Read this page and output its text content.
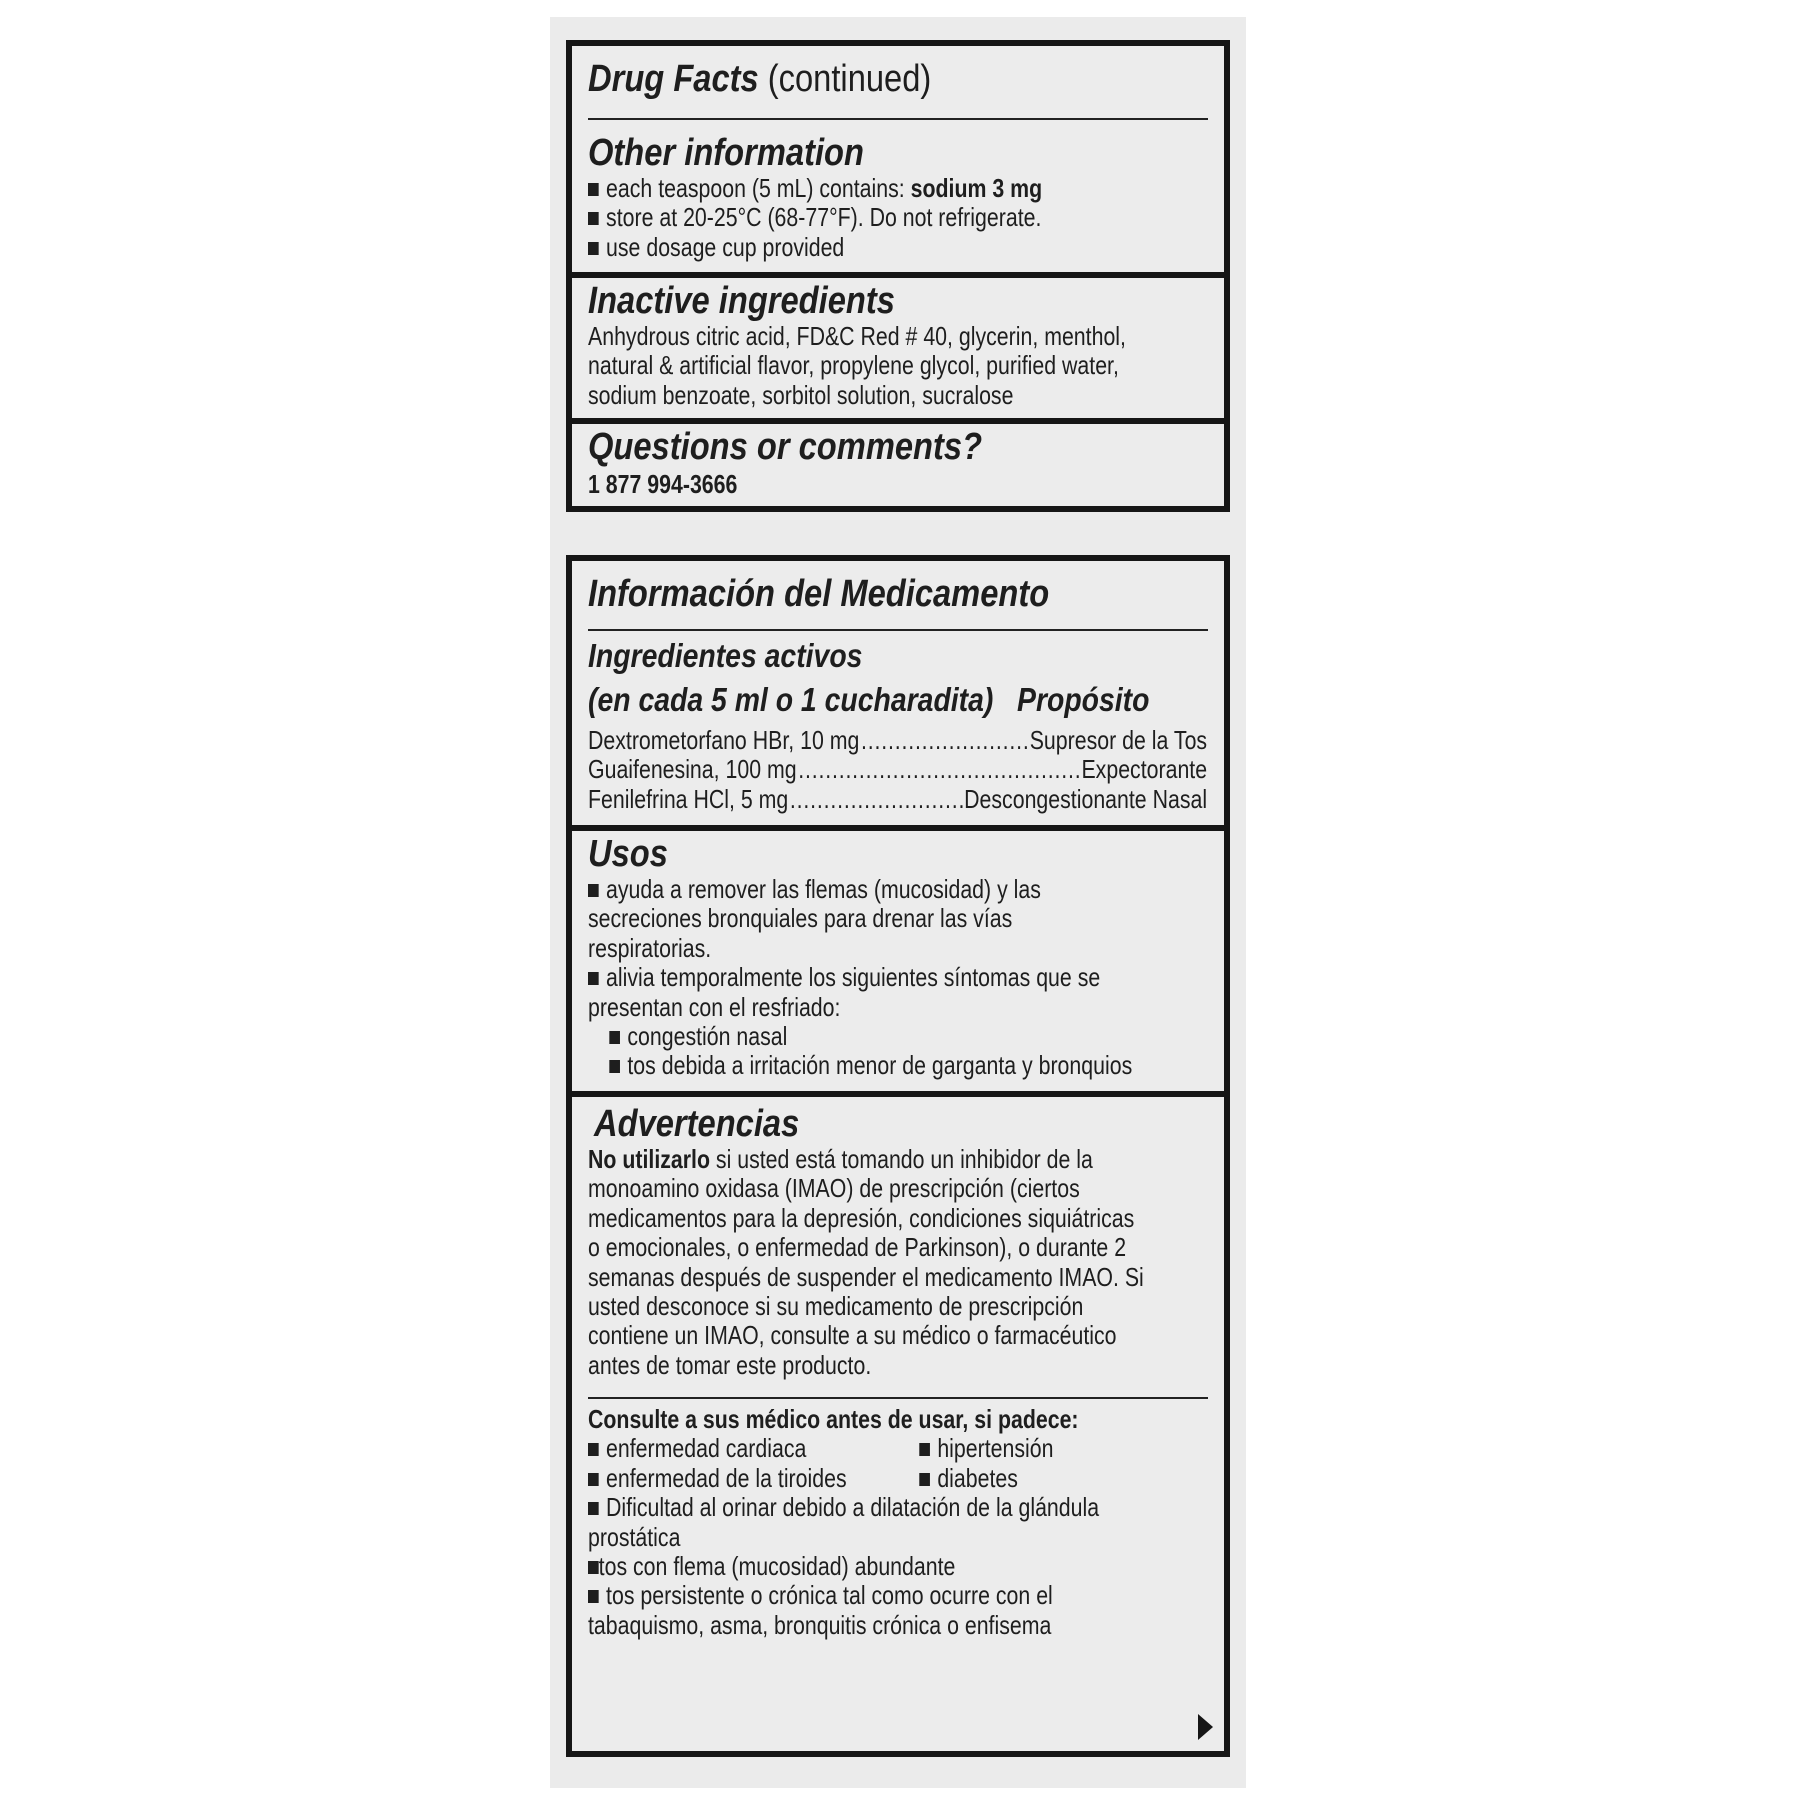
Drug Facts (continued)
Other information
each teaspoon (5 mL) contains: sodium 3 mg
store at 20-25°C (68-77°F). Do not refrigerate.
use dosage cup provided
Inactive ingredients
Anhydrous citric acid, FD&C Red # 40, glycerin, menthol,
natural & artificial flavor, propylene glycol, purified water,
sodium benzoate, sorbitol solution, sucralose
Questions or comments?
1 877 994-3666
Información del Medicamento
Ingredientes activos
(en cada 5 ml o 1 cucharadita) Propósito
Dextrometorfano HBr, 10 mg .....	Supresor de la Tos
Guaifenesina, 100 mg .....	Expectorante
Fenilefrina HCl, 5 mg .....	Descongestionante Nasal
Usos
ayuda a remover las flemas (mucosidad) y las
secreciones bronquiales para drenar las vías
respiratorias.
alivia temporalmente los siguientes síntomas que se
presentan con el resfriado:
congestión nasal
tos debida a irritación menor de garganta y bronquios
Advertencias
No utilizarlo si usted está tomando un inhibidor de la
monoamino oxidasa (IMAO) de prescripción (ciertos
medicamentos para la depresión, condiciones siquiátricas
o emocionales, o enfermedad de Parkinson), o durante 2
semanas después de suspender el medicamento IMAO. Si
usted desconoce si su medicamento de prescripción
contiene un IMAO, consulte a su médico o farmacéutico
antes de tomar este producto.
Consulte a sus médico antes de usar, si padece:
enfermedad cardiaca	hipertensión
enfermedad de la tiroides	diabetes
Dificultad al orinar debido a dilatación de la glándula
prostática
tos con flema (mucosidad) abundante
tos persistente o crónica tal como ocurre con el
tabaquismo, asma, bronquitis crónica o enfisema
